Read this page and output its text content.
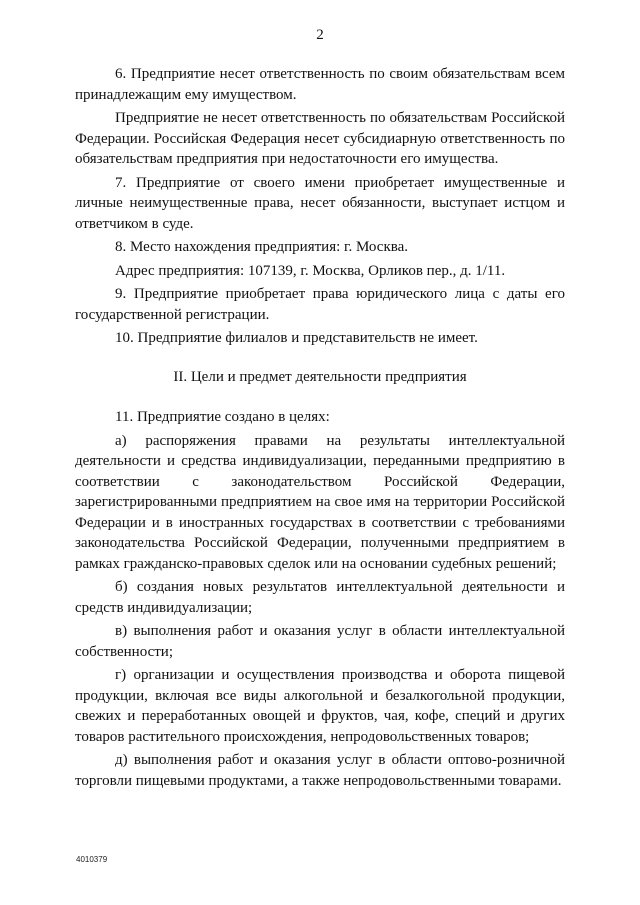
2

6. Предприятие несет ответственность по своим обязательствам всем принадлежащим ему имуществом.

Предприятие не несет ответственность по обязательствам Российской Федерации. Российская Федерация несет субсидиарную ответственность по обязательствам предприятия при недостаточности его имущества.

7. Предприятие от своего имени приобретает имущественные и личные неимущественные права, несет обязанности, выступает истцом и ответчиком в суде.

8. Место нахождения предприятия: г. Москва.

Адрес предприятия: 107139, г. Москва, Орликов пер., д. 1/11.

9. Предприятие приобретает права юридического лица с даты его государственной регистрации.

10. Предприятие филиалов и представительств не имеет.

II. Цели и предмет деятельности предприятия

11. Предприятие создано в целях:

а) распоряжения правами на результаты интеллектуальной деятельности и средства индивидуализации, переданными предприятию в соответствии с законодательством Российской Федерации, зарегистрированными предприятием на свое имя на территории Российской Федерации и в иностранных государствах в соответствии с требованиями законодательства Российской Федерации, полученными предприятием в рамках гражданско-правовых сделок или на основании судебных решений;

б) создания новых результатов интеллектуальной деятельности и средств индивидуализации;

в) выполнения работ и оказания услуг в области интеллектуальной собственности;

г) организации и осуществления производства и оборота пищевой продукции, включая все виды алкогольной и безалкогольной продукции, свежих и переработанных овощей и фруктов, чая, кофе, специй и других товаров растительного происхождения, непродовольственных товаров;

д) выполнения работ и оказания услуг в области оптово-розничной торговли пищевыми продуктами, а также непродовольственными товарами.

4010379
